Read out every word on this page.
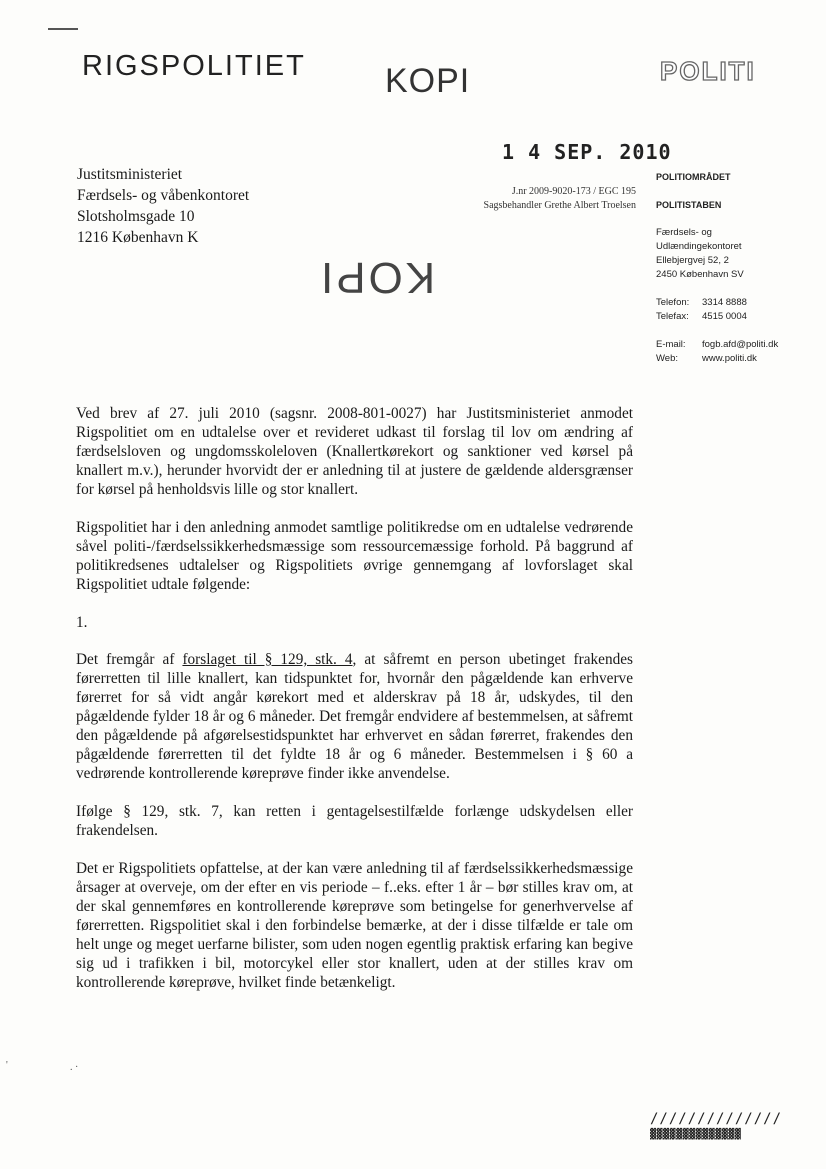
RIGSPOLITIET KOPI	POLITI
1 4 SEP. 2010
Justitsministeriet
Færdsels- og våbenkontoret
Slotsholmsgade 10
1216 København K
J.nr 2009-9020-173 / EGC 195
Sagsbehandler Grethe Albert Troelsen
KOPI
POLITIOMRÅDET
POLITISTABEN
Færdsels- og
Udlændingekontoret
Ellebjergvej 52, 2
2450 København SV
Telefon:	3314 8888
Telefax:	4515 0004
E-mail:	fogb.afd@politi.dk
Web:	www.politi.dk

Ved brev af 27. juli 2010 (sagsnr. 2008-801-0027) har Justitsministeriet anmodet Rigspolitiet om en udtalelse over et revideret udkast til forslag til lov om ændring af færdselsloven og ungdomsskoleloven (Knallertkørekort og sanktioner ved kørsel på knallert m.v.), herunder hvorvidt der er anledning til at justere de gældende aldersgrænser for kørsel på henholdsvis lille og stor knallert.

Rigspolitiet har i den anledning anmodet samtlige politikredse om en udtalelse vedrørende såvel politi-/færdselssikkerhedsmæssige som ressourcemæssige forhold. På baggrund af politikredsenes udtalelser og Rigspolitiets øvrige gennemgang af lovforslaget skal Rigspolitiet udtale følgende:

1.

Det fremgår af forslaget til § 129, stk. 4, at såfremt en person ubetinget frakendes førerretten til lille knallert, kan tidspunktet for, hvornår den pågældende kan erhverve førerret for så vidt angår kørekort med et alderskrav på 18 år, udskydes, til den pågældende fylder 18 år og 6 måneder. Det fremgår endvidere af bestemmelsen, at såfremt den pågældende på afgørelsestidspunktet har erhvervet en sådan førerret, frakendes den pågældende førerretten til det fyldte 18 år og 6 måneder. Bestemmelsen i § 60 a vedrørende kontrollerende køreprøve finder ikke anvendelse.

Ifølge § 129, stk. 7, kan retten i gentagelsestilfælde forlænge udskydelsen eller frakendelsen.

Det er Rigspolitiets opfattelse, at der kan være anledning til af færdselssikkerhedsmæssige årsager at overveje, om der efter en vis periode – f..eks. efter 1 år – bør stilles krav om, at der skal gennemføres en kontrollerende køreprøve som betingelse for generhvervelse af førerretten. Rigspolitiet skal i den forbindelse bemærke, at der i disse tilfælde er tale om helt unge og meget uerfarne bilister, som uden nogen egentlig praktisk erfaring kan begive sig ud i trafikken i bil, motorcykel eller stor knallert, uden at der stilles krav om kontrollerende køreprøve, hvilket finde betænkeligt.

'	. ·
//////////////
▓▓▓▓▓▓▓▓▓▓▓▓▓▓
